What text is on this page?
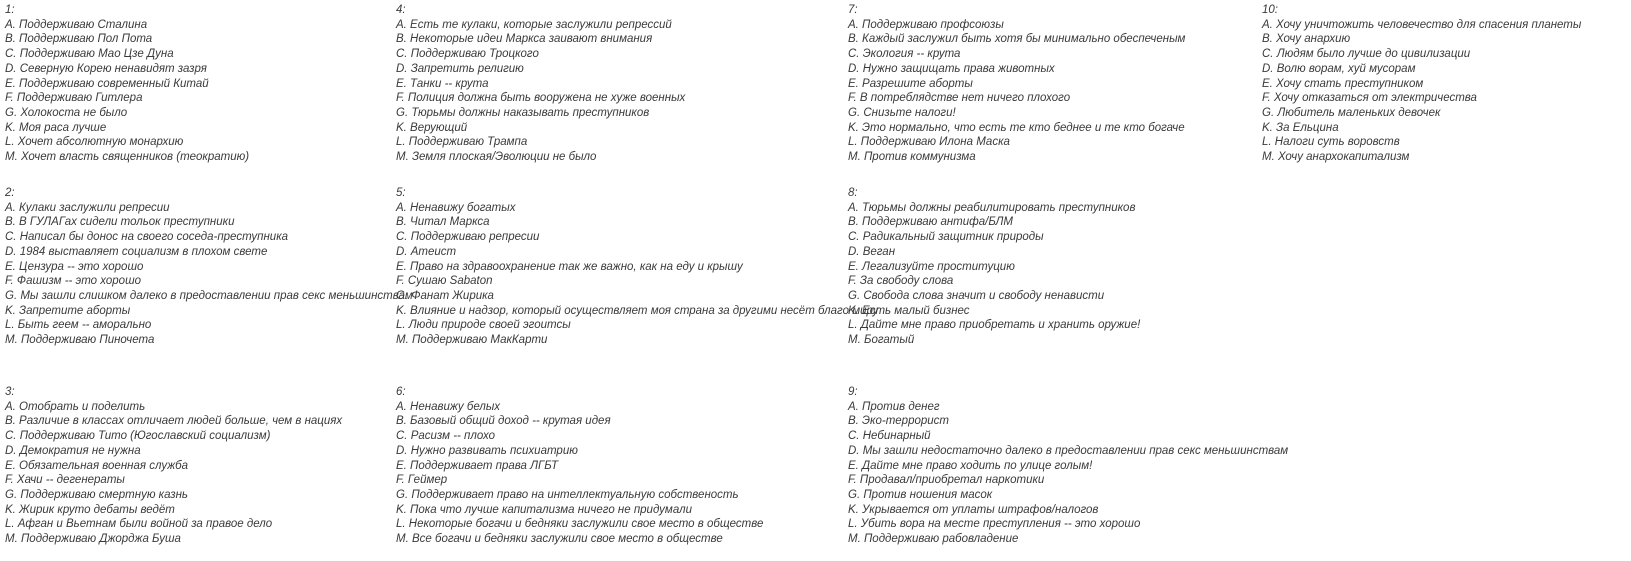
1:
A. Поддерживаю Сталина
B. Поддерживаю Пол Пота
C. Поддерживаю Мао Цзе Дуна
D. Северную Корею ненавидят зазря
E. Поддерживаю современный Китай
F. Поддерживаю Гитлера
G. Холокоста не было
K. Моя раса лучше
L. Хочет абсолютную монархию
M. Хочет власть священников (теократию)
2:
A. Кулаки заслужили репресии
B. В ГУЛАГах сидели тольок преступники
C. Написал бы донос на своего соседа-преступника
D. 1984 выставляет социализм в плохом свете
E. Цензура -- это хорошо
F. Фашизм -- это хорошо
G. Мы зашли слишком далеко в предоставлении прав секс меньшинствам
K. Запретите аборты
L. Быть геем -- аморально
M. Поддерживаю Пиночета
3:
A. Отобрать и поделить
B. Различие в классах отличает людей больше, чем в нациях
C. Поддерживаю Тито (Югославский социализм)
D. Демократия не нужна
E. Обязательная военная служба
F. Хачи -- дегенераты
G. Поддерживаю смертную казнь
K. Жирик круто дебаты ведёт
L. Афган и Вьетнам были войной за правое дело
M. Поддерживаю Джорджа Буша
4:
A. Есть те кулаки, которые заслужили репрессий
B. Некоторые идеи Маркса заивают внимания
C. Поддерживаю Троцкого
D. Запретить религию
E. Танки -- крута
F. Полиция должна быть вооружена не хуже военных
G. Тюрьмы должны наказывать преступников
K. Верующий
L. Поддерживаю Трампа
M. Земля плоская/Эволюции не было
5:
A. Ненавижу богатых
B. Читал Маркса
C. Поддерживаю репресии
D. Атеист
E. Право на здравоохранение так же важно, как на еду и крышу
F. Сушаю Sabaton
G. Фанат Жирика
K. Влияние и надзор, который осуществляет моя страна за другими несёт благо миру
L. Люди природе своей эгоитсы
M. Поддерживаю МакКарти
6:
A. Ненавижу белых
B. Базовый общий доход -- крутая идея
C. Расизм -- плохо
D. Нужно развивать психиатрию
E. Поддерживает права ЛГБТ
F. Геймер
G. Поддерживает право на интеллектуальную собственость
K. Пока что лучше капитализма ничего не придумали
L. Некоторые богачи и бедняки заслужили свое место в обществе
M. Все богачи и бедняки заслужили свое место в обществе
7:
A. Поддерживаю профсоюзы
B. Каждый заслужил быть хотя бы минимально обеспеченым
C. Экология -- крута
D. Нужно защищать права животных
E. Разрешите аборты
F. В потреблядстве нет ничего плохого
G. Снизьте налоги!
K. Это нормально, что есть те кто беднее и те кто богаче
L. Поддерживаю Илона Маска
M. Против коммунизма
8:
A. Тюрьмы должны реабилитировать преступников
B. Поддерживаю антифа/БЛМ
C. Радикальный защитник природы
D. Веган
E. Легализуйте проституцию
F. За свободу слова
G. Свобода слова значит и свободу ненависти
K. Есть малый бизнес
L. Дайте мне право приобретать и хранить оружие!
M. Богатый
9:
A. Против денег
B. Эко-террорист
C. Небинарный
D. Мы зашли недостаточно далеко в предоставлении прав секс меньшинствам
E. Дайте мне право ходить по улице голым!
F. Продавал/приобретал наркотики
G. Против ношения масок
K. Укрывается от уплаты штрафов/налогов
L. Убить вора на месте преступления -- это хорошо
M. Поддерживаю рабовладение
10:
A. Хочу уничтожить человечество для спасения планеты
B. Хочу анархию
C. Людям было лучше до цивилизации
D. Волю ворам, хуй мусорам
E. Хочу стать преступником
F. Хочу отказаться от электричества
G. Любитель маленьких девочек
K. За Ельцина
L. Налоги суть воровств
M. Хочу анархокапитализм
